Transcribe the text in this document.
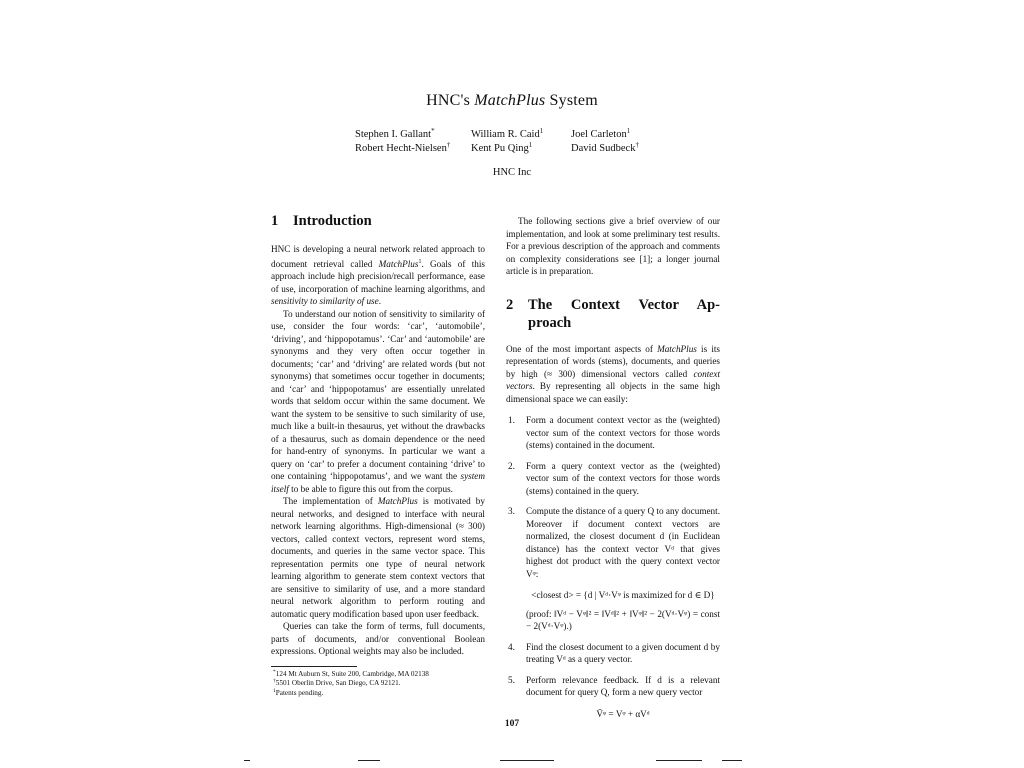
HNC's MatchPlus System
Stephen I. Gallant*	William R. Caid$^1$	Joel Carleton$^1$
Robert Hecht-Nielsen†	Kent Pu Qing$^1$	David Sudbeck†
HNC Inc
1 Introduction

HNC is developing a neural network related approach to document retrieval called MatchPlus$^1$. Goals of this approach include high precision/recall performance, ease of use, incorporation of machine learning algorithms, and sensitivity to similarity of use.

To understand our notion of sensitivity to similarity of use, consider the four words: ‘car’, ‘automobile’, ‘driving’, and ‘hippopotamus’. ‘Car’ and ‘automobile’ are synonyms and they very often occur together in documents; ‘car’ and ‘driving’ are related words (but not synonyms) that sometimes occur together in documents; and ‘car’ and ‘hippopotamus’ are essentially unrelated words that seldom occur within the same document. We want the system to be sensitive to such similarity of use, much like a built-in thesaurus, yet without the drawbacks of a thesaurus, such as domain dependence or the need for hand-entry of synonyms. In particular we want a query on ‘car’ to prefer a document containing ‘drive’ to one containing ‘hippopotamus’, and we want the system itself to be able to figure this out from the corpus.

The implementation of MatchPlus is motivated by neural networks, and designed to interface with neural network learning algorithms. High-dimensional (≈ 300) vectors, called context vectors, represent word stems, documents, and queries in the same vector space. This representation permits one type of neural network learning algorithm to generate stem context vectors that are sensitive to similarity of use, and a more standard neural network algorithm to perform routing and automatic query modification based upon user feedback.

Queries can take the form of terms, full documents, parts of documents, and/or conventional Boolean expressions. Optional weights may also be included.

*124 Mt Auburn St, Suite 200, Cambridge, MA 02138
†5501 Oberlin Drive, San Diego, CA 92121.
$^1$Patents pending.

The following sections give a brief overview of our implementation, and look at some preliminary test results. For a previous description of the approach and comments on complexity considerations see [1]; a longer journal article is in preparation.

2	The Context Vector Ap-
proach

One of the most important aspects of MatchPlus is its representation of words (stems), documents, and queries by high (≈ 300) dimensional vectors called context vectors. By representing all objects in the same high dimensional space we can easily:

1.	Form a document context vector as the (weighted) vector sum of the context vectors for those words (stems) contained in the document.
2.	Form a query context vector as the (weighted) vector sum of the context vectors for those words (stems) contained in the query.
3.	Compute the distance of a query Q to any document. Moreover if document context vectors are normalized, the closest document d (in Euclidean distance) has the context vector Vᵈ that gives highest dot product with the query context vector Vᵠ:
<closest d> = {d | Vᵈ·Vᵠ is maximized for d ∈ D}
(proof: ‖Vᵈ − Vᵠ‖² = ‖Vᵈ‖² + ‖Vᵠ‖² − 2(Vᵈ·Vᵠ) = const − 2(Vᵈ·Vᵠ).)
4.	Find the closest document to a given document d by treating Vᵈ as a query vector.
5.	Perform relevance feedback. If d is a relevant document for query Q, form a new query vector
Ṽᵠ = Vᵠ + αVᵈ
107
